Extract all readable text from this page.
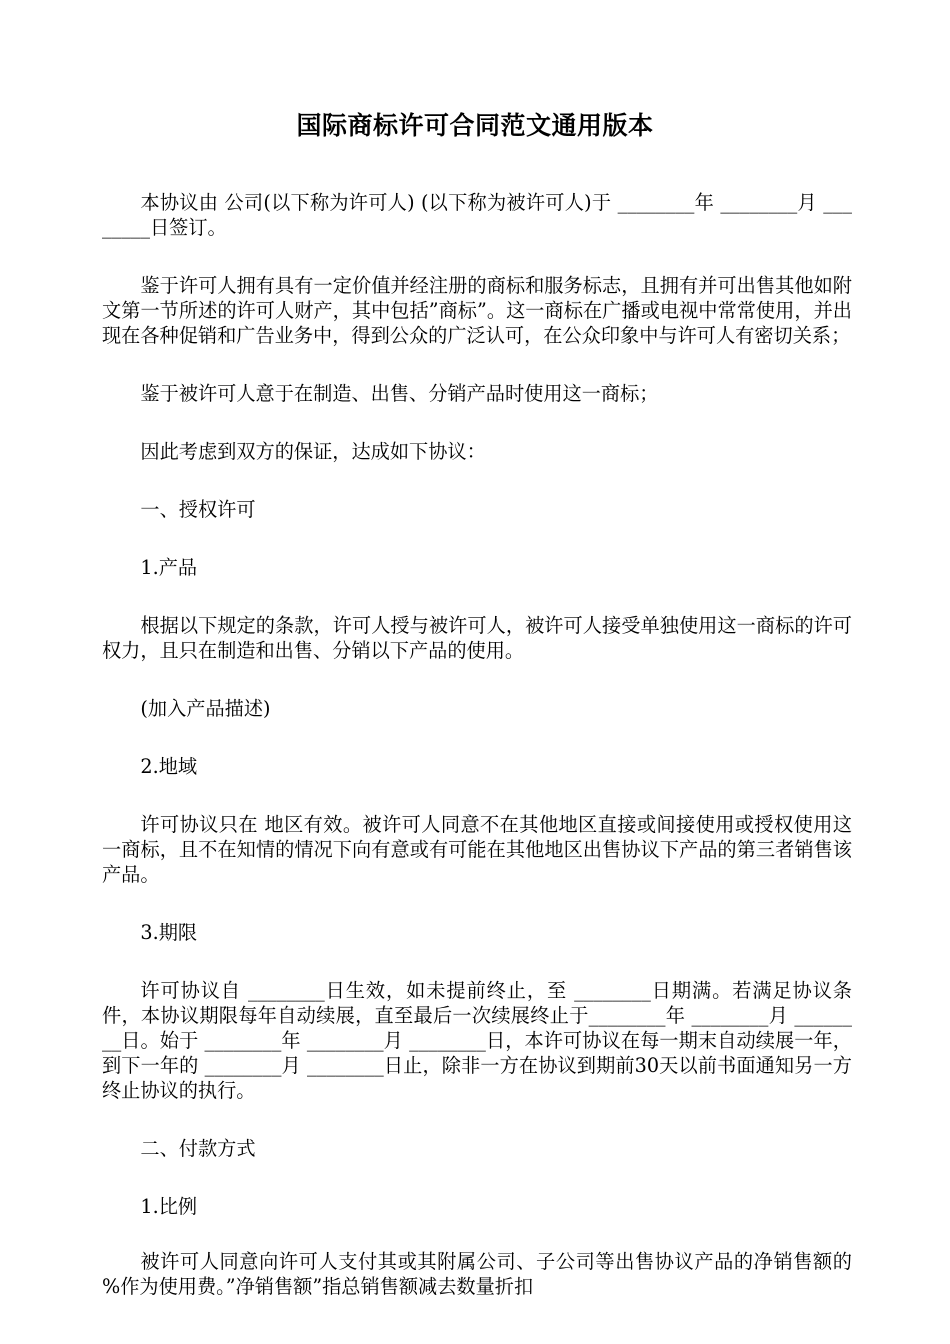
国际商标许可合同范文通用版本

本协议由 公司(以下称为许可人) (以下称为被许可人)于 ________年 ________月 ________日签订。

鉴于许可人拥有具有一定价值并经注册的商标和服务标志，且拥有并可出售其他如附文第一节所述的许可人财产，其中包括”商标”。这一商标在广播或电视中常常使用，并出现在各种促销和广告业务中，得到公众的广泛认可，在公众印象中与许可人有密切关系；

鉴于被许可人意于在制造、出售、分销产品时使用这一商标；

因此考虑到双方的保证，达成如下协议：

一、授权许可

1.产品

根据以下规定的条款，许可人授与被许可人，被许可人接受单独使用这一商标的许可权力，且只在制造和出售、分销以下产品的使用。

(加入产品描述)

2.地域

许可协议只在 地区有效。被许可人同意不在其他地区直接或间接使用或授权使用这一商标，且不在知情的情况下向有意或有可能在其他地区出售协议下产品的第三者销售该产品。

3.期限

许可协议自 ________日生效，如未提前终止，至 ________日期满。若满足协议条件，本协议期限每年自动续展，直至最后一次续展终止于________年 ________月 ________日。始于 ________年 ________月 ________日，本许可协议在每一期末自动续展一年，到下一年的 ________月 ________日止，除非一方在协议到期前30天以前书面通知另一方终止协议的执行。

二、付款方式

1.比例

被许可人同意向许可人支付其或其附属公司、子公司等出售协议产品的净销售额的 %作为使用费。”净销售额”指总销售额减去数量折扣
